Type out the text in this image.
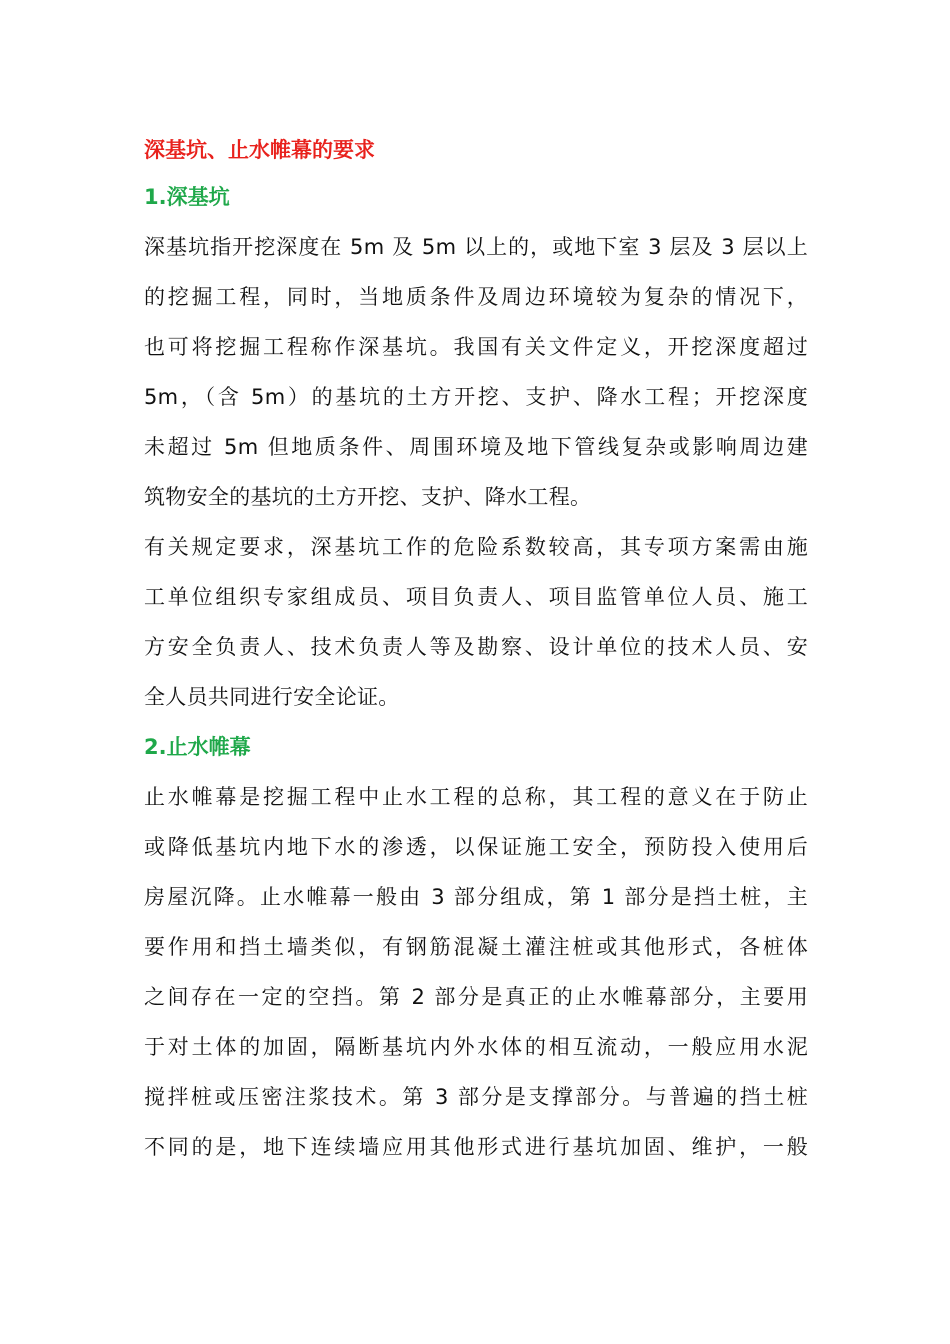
深基坑、止水帷幕的要求
1.深基坑
深基坑指开挖深度在 5m 及 5m 以上的，或地下室 3 层及 3 层以上
的挖掘工程，同时，当地质条件及周边环境较为复杂的情况下，
也可将挖掘工程称作深基坑。我国有关文件定义，开挖深度超过
5m，（含 5m）的基坑的土方开挖、支护、降水工程；开挖深度
未超过 5m 但地质条件、周围环境及地下管线复杂或影响周边建
筑物安全的基坑的土方开挖、支护、降水工程。
有关规定要求，深基坑工作的危险系数较高，其专项方案需由施
工单位组织专家组成员、项目负责人、项目监管单位人员、施工
方安全负责人、技术负责人等及勘察、设计单位的技术人员、安
全人员共同进行安全论证。
2.止水帷幕
止水帷幕是挖掘工程中止水工程的总称，其工程的意义在于防止
或降低基坑内地下水的渗透，以保证施工安全，预防投入使用后
房屋沉降。止水帷幕一般由 3 部分组成，第 1 部分是挡土桩，主
要作用和挡土墙类似，有钢筋混凝土灌注桩或其他形式，各桩体
之间存在一定的空挡。第 2 部分是真正的止水帷幕部分，主要用
于对土体的加固，隔断基坑内外水体的相互流动，一般应用水泥
搅拌桩或压密注浆技术。第 3 部分是支撑部分。与普遍的挡土桩
不同的是，地下连续墙应用其他形式进行基坑加固、维护，一般
